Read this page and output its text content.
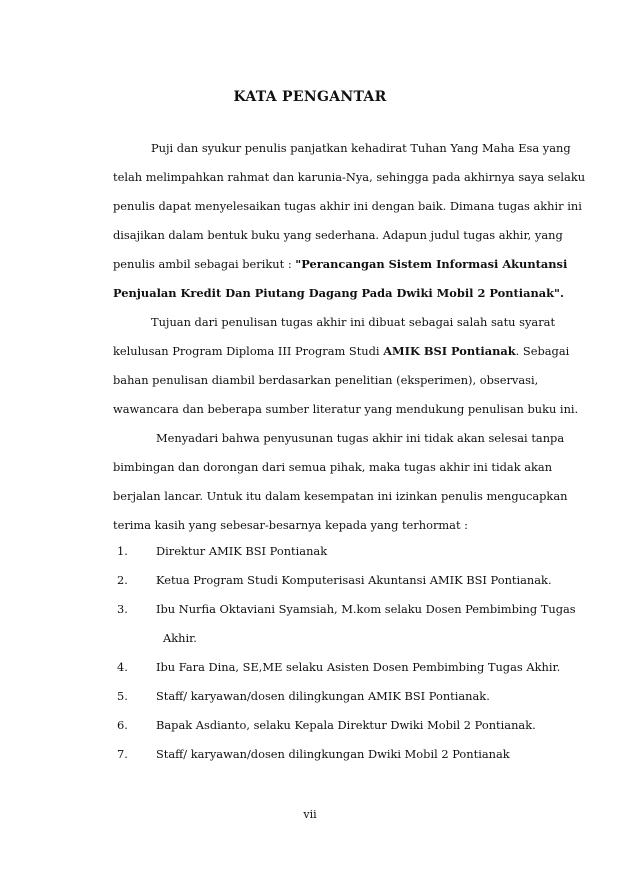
KATA PENGANTAR
Puji dan syukur penulis panjatkan kehadirat Tuhan Yang Maha Esa yang
telah melimpahkan rahmat dan karunia-Nya, sehingga pada akhirnya saya selaku
penulis dapat menyelesaikan tugas akhir ini dengan baik. Dimana tugas akhir ini
disajikan dalam bentuk buku yang sederhana. Adapun judul tugas akhir, yang
penulis ambil sebagai berikut : "Perancangan Sistem Informasi Akuntansi
Penjualan Kredit Dan Piutang Dagang Pada Dwiki Mobil 2 Pontianak".
Tujuan dari penulisan tugas akhir ini dibuat sebagai salah satu syarat
kelulusan Program Diploma III Program Studi AMIK BSI Pontianak. Sebagai
bahan penulisan diambil berdasarkan penelitian (eksperimen), observasi,
wawancara dan beberapa sumber literatur yang mendukung penulisan buku ini.
Menyadari bahwa penyusunan tugas akhir ini tidak akan selesai tanpa
bimbingan dan dorongan dari semua pihak, maka tugas akhir ini tidak akan
berjalan lancar. Untuk itu dalam kesempatan ini izinkan penulis mengucapkan
terima kasih yang sebesar-besarnya kepada yang terhormat :
1. Direktur AMIK BSI Pontianak
2. Ketua Program Studi Komputerisasi Akuntansi AMIK BSI Pontianak.
3. Ibu Nurfia Oktaviani Syamsiah, M.kom selaku Dosen Pembimbing Tugas
Akhir.
4. Ibu Fara Dina, SE,ME selaku Asisten Dosen Pembimbing Tugas Akhir.
5. Staff/ karyawan/dosen dilingkungan AMIK BSI Pontianak.
6. Bapak Asdianto, selaku Kepala Direktur Dwiki Mobil 2 Pontianak.
7. Staff/ karyawan/dosen dilingkungan Dwiki Mobil 2 Pontianak
vii
